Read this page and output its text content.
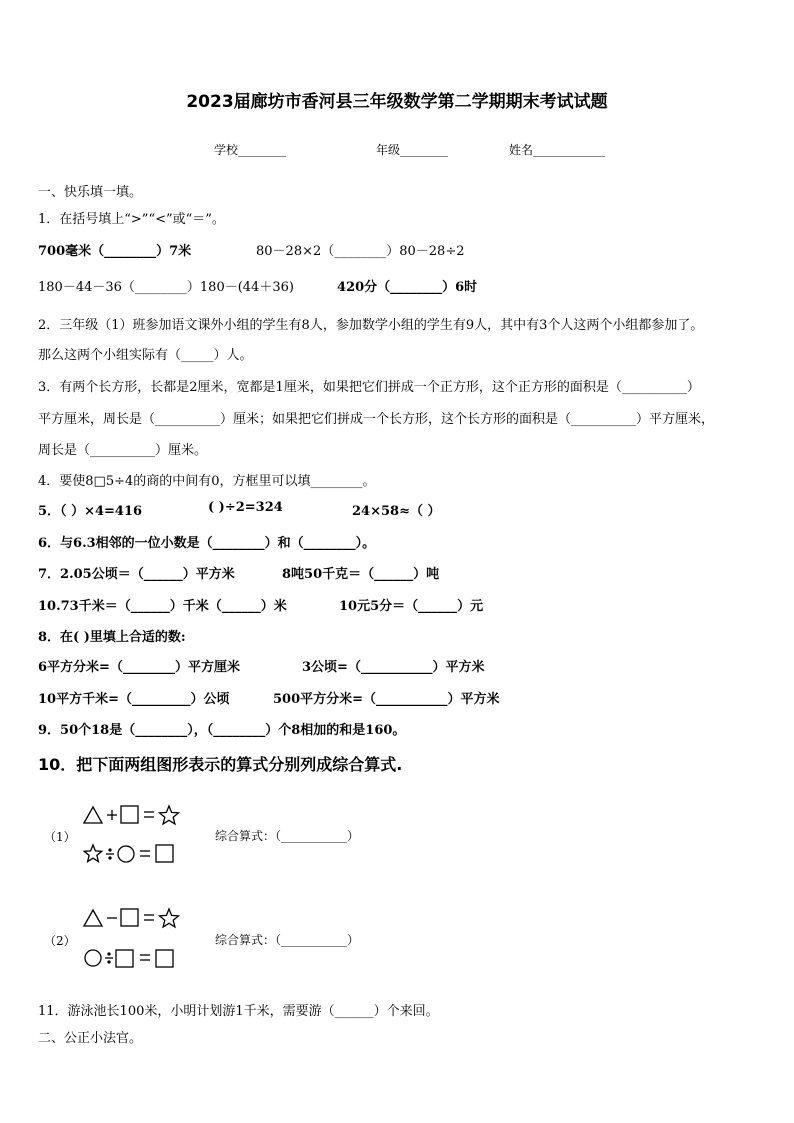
2023届廊坊市香河县三年级数学第二学期期末考试试题
学校________	年级________	姓名____________
一、快乐填一填。
1．在括号填上“>”“<”或“＝”。
700毫米（________）7米	80－28×2（________）80－28÷2
180－44－36（________）180－(44＋36)	420分（________）6时
2．三年级（1）班参加语文课外小组的学生有8人，参加数学小组的学生有9人，其中有3个人这两个小组都参加了。
那么这两个小组实际有（_____）人。
3．有两个长方形，长都是2厘米，宽都是1厘米，如果把它们拼成一个正方形，这个正方形的面积是（__________）
平方厘米，周长是（__________）厘米；如果把它们拼成一个长方形，这个长方形的面积是（__________）平方厘米，
周长是（__________）厘米。
4．要使8□5÷4的商的中间有0，方框里可以填________。
5．（ ）×4=416	( )÷2=324	24×58≈（ ）
6．与6.3相邻的一位小数是（________）和（________）。
7．2.05公顷＝（______）平方米	8吨50千克＝（______）吨
10.73千米＝（______）千米（______）米	10元5分＝（______）元
8．在( )里填上合适的数:
6平方分米=（________）平方厘米	3公顷=（___________）平方米
10平方千米=（_________）公顷	500平方分米=（___________）平方米
9．50个18是（________），（________）个8相加的和是160。
10．把下面两组图形表示的算式分别列成综合算式.
（1）	综合算式：（___________）
（2）	综合算式：（___________）
11．游泳池长100米，小明计划游1千米，需要游（______）个来回。
二、公正小法官。
